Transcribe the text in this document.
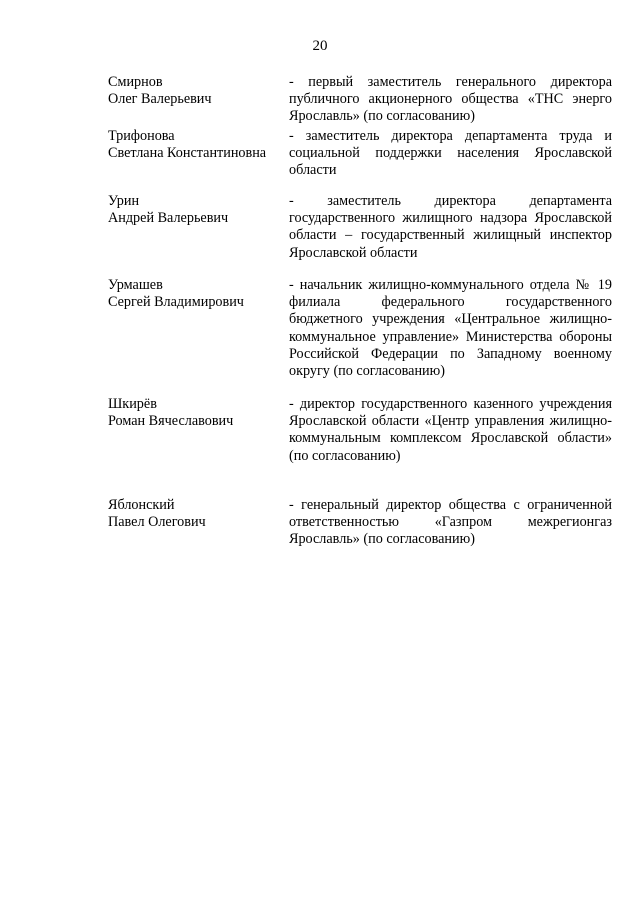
20
Смирнов
Олег Валерьевич
- первый заместитель генерального директора публичного акционерного общества «ТНС энерго Ярославль» (по согласованию)
Трифонова
Светлана Константиновна
- заместитель директора департамента труда и социальной поддержки населения Ярославской области
Урин
Андрей Валерьевич
- заместитель директора департамента государственного жилищного надзора Ярославской области – государственный жилищный инспектор Ярославской области
Урмашев
Сергей Владимирович
- начальник жилищно-коммунального отдела № 19 филиала федерального государственного бюджетного учреждения «Центральное жилищно-коммунальное управление» Министерства обороны Российской Федерации по Западному военному округу (по согласованию)
Шкирёв
Роман Вячеславович
- директор государственного казенного учреждения Ярославской области «Центр управления жилищно-коммунальным комплексом Ярославской области» (по согласованию)
Яблонский
Павел Олегович
- генеральный директор общества с ограниченной ответственностью «Газпром межрегионгаз Ярославль» (по согласованию)
